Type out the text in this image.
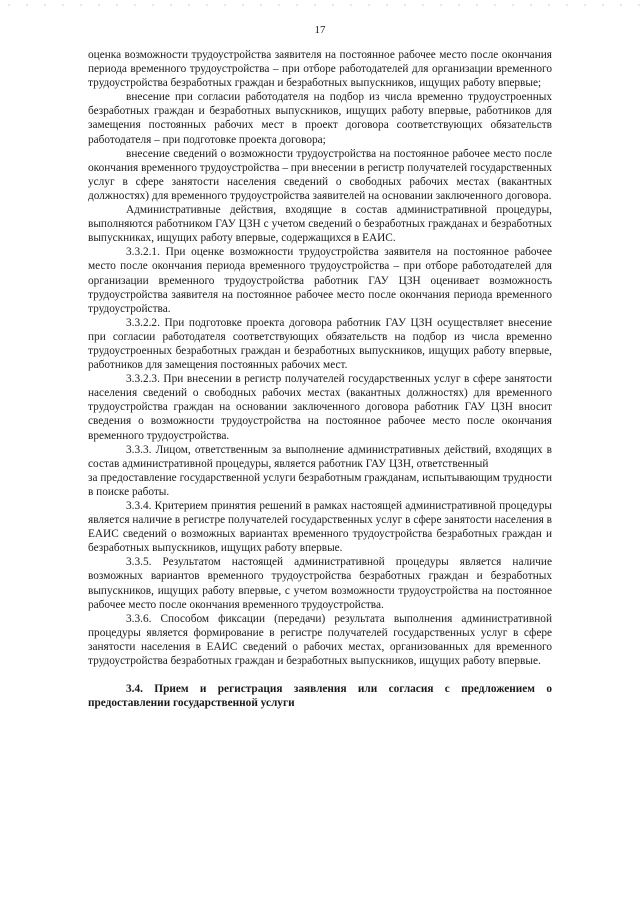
17

оценка возможности трудоустройства заявителя на постоянное рабочее место после окончания периода временного трудоустройства – при отборе работодателей для организации временного трудоустройства безработных граждан и безработных выпускников, ищущих работу впервые;

внесение при согласии работодателя на подбор из числа временно трудоустроенных безработных граждан и безработных выпускников, ищущих работу впервые, работников для замещения постоянных рабочих мест в проект договора соответствующих обязательств работодателя – при подготовке проекта договора;

внесение сведений о возможности трудоустройства на постоянное рабочее место после окончания временного трудоустройства – при внесении в регистр получателей государственных услуг в сфере занятости населения сведений о свободных рабочих местах (вакантных должностях) для временного трудоустройства заявителей на основании заключенного договора.

Административные действия, входящие в состав административной процедуры, выполняются работником ГАУ ЦЗН с учетом сведений о безработных гражданах и безработных выпускниках, ищущих работу впервые, содержащихся в ЕАИС.

3.3.2.1. При оценке возможности трудоустройства заявителя на постоянное рабочее место после окончания периода временного трудоустройства – при отборе работодателей для организации временного трудоустройства работник ГАУ ЦЗН оценивает возможность трудоустройства заявителя на постоянное рабочее место после окончания периода временного трудоустройства.

3.3.2.2. При подготовке проекта договора работник ГАУ ЦЗН осуществляет внесение при согласии работодателя соответствующих обязательств на подбор из числа временно трудоустроенных безработных граждан и безработных выпускников, ищущих работу впервые, работников для замещения постоянных рабочих мест.

3.3.2.3. При внесении в регистр получателей государственных услуг в сфере занятости населения сведений о свободных рабочих местах (вакантных должностях) для временного трудоустройства граждан на основании заключенного договора работник ГАУ ЦЗН вносит сведения о возможности трудоустройства на постоянное рабочее место после окончания временного трудоустройства.

3.3.3. Лицом, ответственным за выполнение административных действий, входящих в состав административной процедуры, является работник ГАУ ЦЗН, ответственный

за предоставление государственной услуги безработным гражданам, испытывающим трудности в поиске работы.

3.3.4. Критерием принятия решений в рамках настоящей административной процедуры является наличие в регистре получателей государственных услуг в сфере занятости населения в ЕАИС сведений о возможных вариантах временного трудоустройства безработных граждан и безработных выпускников, ищущих работу впервые.

3.3.5. Результатом настоящей административной процедуры является наличие возможных вариантов временного трудоустройства безработных граждан и безработных выпускников, ищущих работу впервые, с учетом возможности трудоустройства на постоянное рабочее место после окончания временного трудоустройства.

3.3.6. Способом фиксации (передачи) результата выполнения административной процедуры является формирование в регистре получателей государственных услуг в сфере занятости населения в ЕАИС сведений о рабочих местах, организованных для временного трудоустройства безработных граждан и безработных выпускников, ищущих работу впервые.

3.4. Прием и регистрация заявления или согласия с предложением о предоставлении государственной услуги
